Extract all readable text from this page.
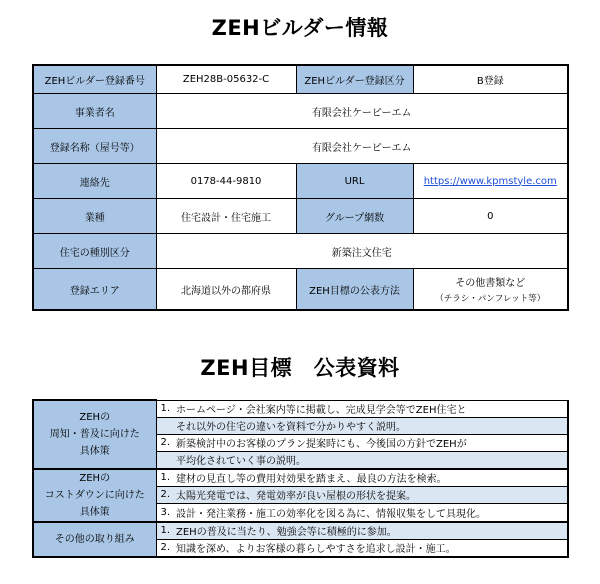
ZEHビルダー情報
ZEHビルダー登録番号	ZEH28B-05632-C	ZEHビルダー登録区分	B登録
事業者名	有限会社ケーピーエム		
登録名称（屋号等）	有限会社ケーピーエム		
連絡先	0178-44-9810	URL	https://www.kpmstyle.com
業種	住宅設計・住宅施工	グループ網数	0
住宅の種別区分	新築注文住宅		
登録エリア	北海道以外の都府県	ZEH目標の公表方法	その他書類など
（チラシ・パンフレット等）
ZEH目標　公表資料
ZEHの
周知・普及に向けた
具体策	1.	ホームページ・会社案内等に掲載し、完成見学会等でZEH住宅と
		それ以外の住宅の違いを資料で分かりやすく説明。
	2.	新築検討中のお客様のプラン提案時にも、今後国の方針でZEHが
		平均化されていく事の説明。

ZEHの
コストダウンに向けた
具体策	1.	建材の見直し等の費用対効果を踏まえ、最良の方法を検索。
	2.	太陽光発電では、発電効率が良い屋根の形状を提案。
	3.	設計・発注業務・施工の効率化を図る為に、情報収集をして具現化。

その他の取り組み	1.	ZEHの普及に当たり、勉強会等に積極的に参加。
	2.	知識を深め、よりお客様の暮らしやすさを追求し設計・施工。
